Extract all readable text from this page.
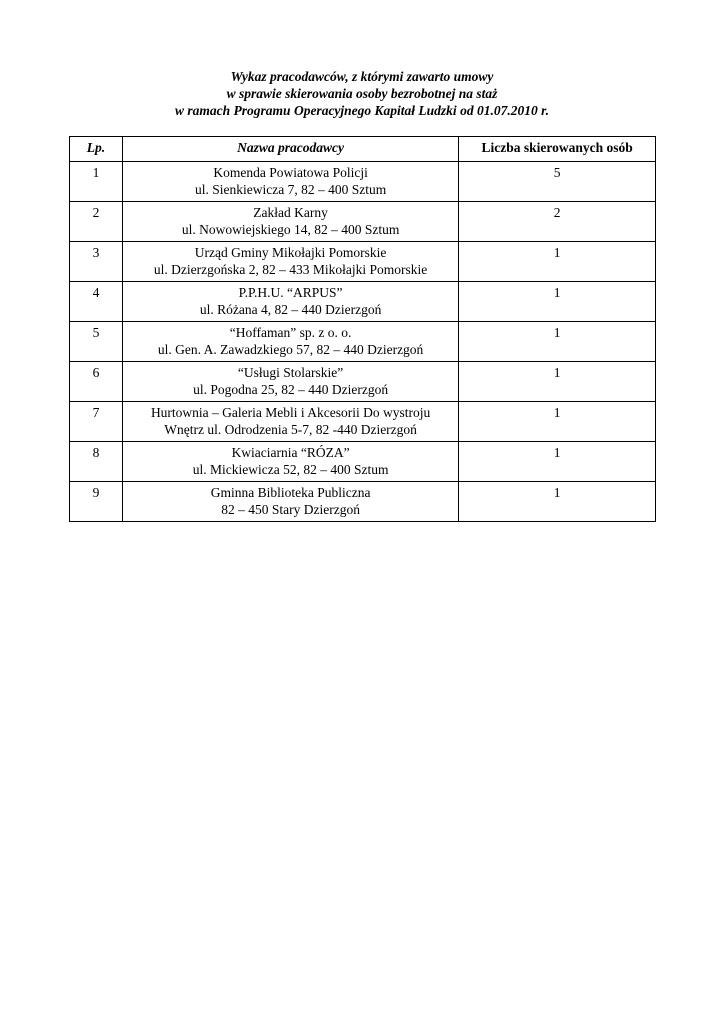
Wykaz pracodawców, z którymi zawarto umowy
w sprawie skierowania osoby bezrobotnej na staż
w ramach Programu Operacyjnego Kapitał Ludzki od 01.07.2010 r.
Lp.	Nazwa pracodawcy	Liczba skierowanych osób
1	Komenda Powiatowa Policji
ul. Sienkiewicza 7, 82 – 400 Sztum	5
2	Zakład Karny
ul. Nowowiejskiego 14, 82 – 400 Sztum	2
3	Urząd Gminy Mikołajki Pomorskie
ul. Dzierzgońska 2, 82 – 433 Mikołajki Pomorskie	1
4	P.P.H.U. “ARPUS”
ul. Różana 4, 82 – 440 Dzierzgoń	1
5	“Hoffaman” sp. z o. o.
ul. Gen. A. Zawadzkiego 57, 82 – 440 Dzierzgoń	1
6	“Usługi Stolarskie”
ul. Pogodna 25, 82 – 440 Dzierzgoń	1
7	Hurtownia – Galeria Mebli i Akcesorii Do wystroju
Wnętrz ul. Odrodzenia 5-7, 82 -440 Dzierzgoń	1
8	Kwiaciarnia “RÓZA”
ul. Mickiewicza 52, 82 – 400 Sztum	1
9	Gminna Biblioteka Publiczna
82 – 450 Stary Dzierzgoń	1
